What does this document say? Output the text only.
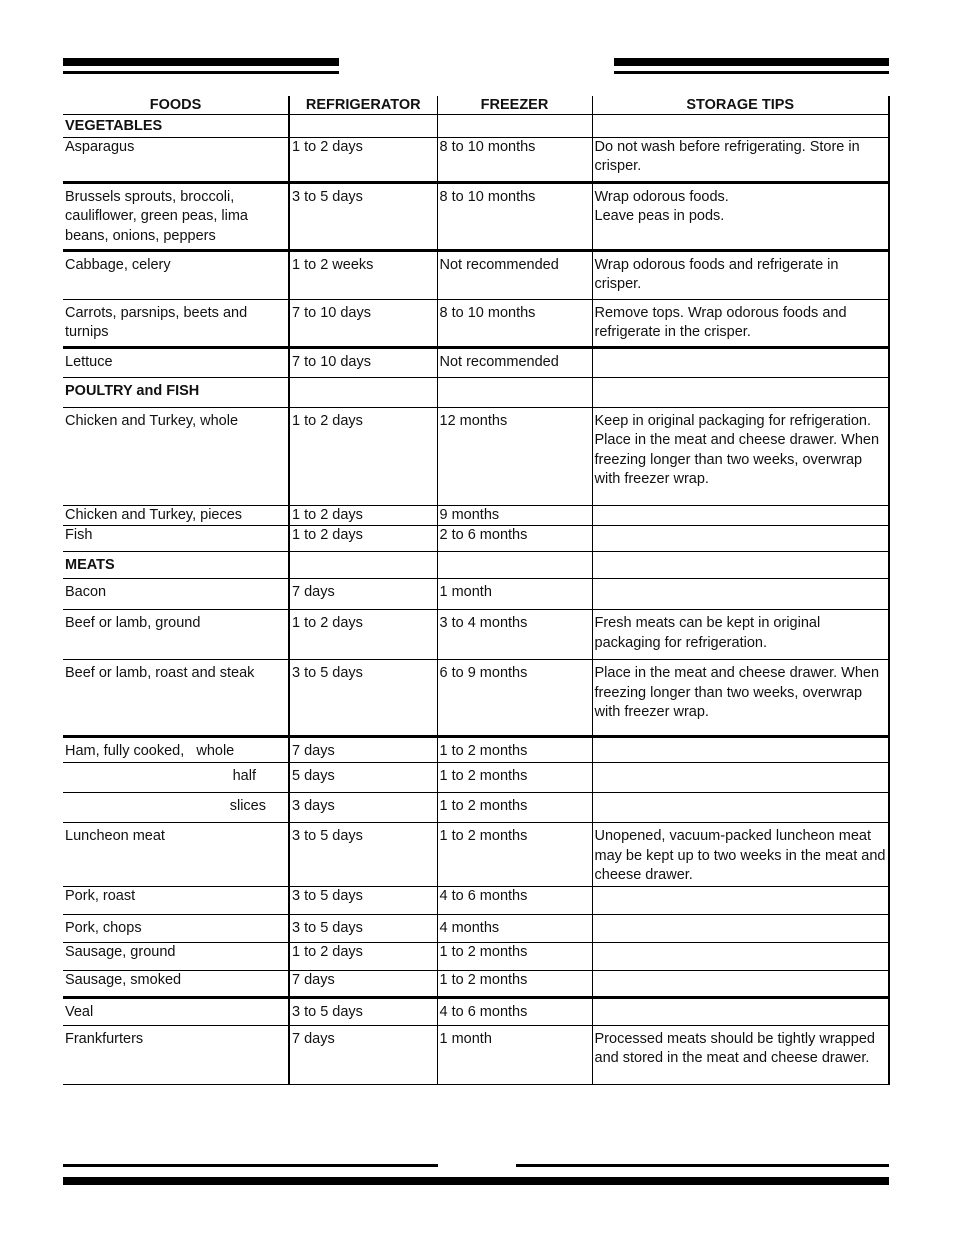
FOODS	REFRIGERATOR	FREEZER	STORAGE TIPS
VEGETABLES			
Asparagus	1 to 2 days	8 to 10 months	Do not wash before refrigerating. Store in crisper.
Brussels sprouts, broccoli, cauliflower, green peas, lima beans, onions, peppers	3 to 5 days	8 to 10 months	Wrap odorous foods.
Leave peas in pods.
Cabbage, celery	1 to 2 weeks	Not recommended	Wrap odorous foods and refrigerate in crisper.
Carrots, parsnips, beets and turnips	7 to 10 days	8 to 10 months	Remove tops. Wrap odorous foods and refrigerate in the crisper.
Lettuce	7 to 10 days	Not recommended	
POULTRY and FISH			
Chicken and Turkey, whole	1 to 2 days	12 months	Keep in original packaging for refrigeration. Place in the meat and cheese drawer. When freezing longer than two weeks, overwrap with freezer wrap.
Chicken and Turkey, pieces	1 to 2 days	9 months	
Fish	1 to 2 days	2 to 6 months	
MEATS			
Bacon	7 days	1 month	
Beef or lamb, ground	1 to 2 days	3 to 4 months	Fresh meats can be kept in original packaging for refrigeration.
Beef or lamb, roast and steak	3 to 5 days	6 to 9 months	Place in the meat and cheese drawer. When freezing longer than two weeks, overwrap with freezer wrap.
Ham, fully cooked,   whole	7 days	1 to 2 months	

half	5 days	1 to 2 months	

slices	3 days	1 to 2 months	
Luncheon meat	3 to 5 days	1 to 2 months	Unopened, vacuum-packed luncheon meat may be kept up to two weeks in the meat and cheese drawer.
Pork, roast	3 to 5 days	4 to 6 months	
Pork, chops	3 to 5 days	4 months	
Sausage, ground	1 to 2 days	1 to 2 months	
Sausage, smoked	7 days	1 to 2 months	
Veal	3 to 5 days	4 to 6 months	
Frankfurters	7 days	1 month	Processed meats should be tightly wrapped and stored in the meat and cheese drawer.
